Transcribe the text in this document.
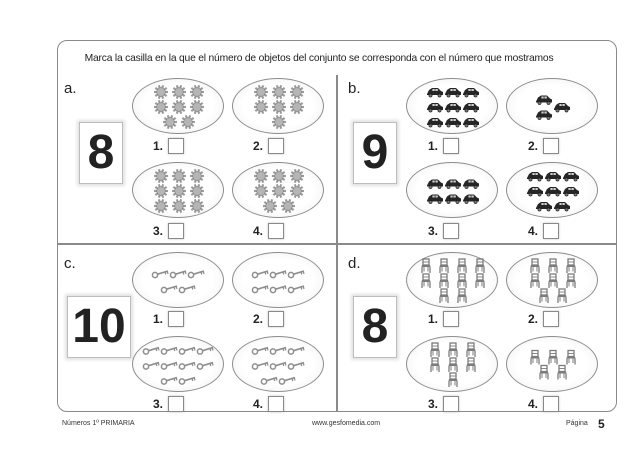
Marca la casilla en la que el número de objetos del conjunto se corresponda con el número que mostramos
a.
8	1.	2.
3.	4.
b.
9	1.	2.
3.	4.
c.
10	1.	2.
3.	4.
d.
8	1.	2.
3.	4.
Números 1º PRIMARIA	www.gesfomedia.com	Página 5
